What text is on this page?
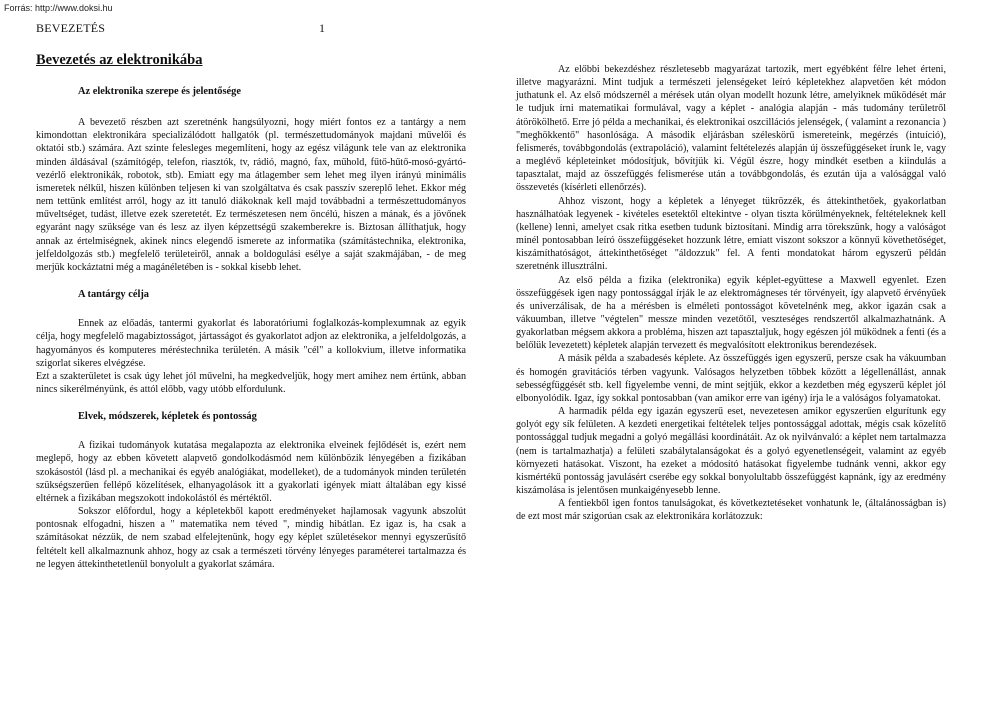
Forrás: http://www.doksi.hu
BEVEZETÉS	1
Bevezetés az elektronikába
Az elektronika szerepe és jelentősége

A bevezető részben azt szeretnénk hangsúlyozni, hogy miért fontos ez a tantárgy a nem kimondottan elektronikára specializálódott hallgatók (pl. természettudományok majdani művelői és oktatói stb.) számára. Azt szinte felesleges megemlíteni, hogy az egész világunk tele van az elektronika minden áldásával (számítógép, telefon, riasztók, tv, rádió, magnó, fax, műhold, fűtő-hűtő-mosó-gyártó-vezérlő elektronikák, robotok, stb). Emiatt egy ma átlagember sem lehet meg ilyen irányú minimális ismeretek nélkül, hiszen különben teljesen ki van szolgáltatva és csak passzív szereplő lehet. Ekkor még nem tettünk említést arról, hogy az itt tanuló diákoknak kell majd továbbadni a természettudományos műveltséget, tudást, illetve ezek szeretetét. Ez természetesen nem öncélú, hiszen a mának, és a jövőnek egyaránt nagy szüksége van és lesz az ilyen képzettségű szakemberekre is. Biztosan állíthatjuk, hogy annak az értelmiségnek, akinek nincs elegendő ismerete az informatika (számítástechnika, elektronika, jelfeldolgozás stb.) megfelelő területeiről, annak a boldogulási esélye a saját szakmájában, - de meg merjük kockáztatni még a magánéletében is - sokkal kisebb lehet.

A tantárgy célja

Ennek az előadás, tantermi gyakorlat és laboratóriumi foglalkozás-komplexumnak az egyik célja, hogy megfelelő magabiztosságot, jártasságot és gyakorlatot adjon az elektronika, a jelfeldolgozás, a hagyományos és komputeres méréstechnika területén. A másik "cél" a kollokvium, illetve informatika szigorlat sikeres elvégzése.

Ezt a szakterületet is csak úgy lehet jól művelni, ha megkedveljük, hogy mert amihez nem értünk, abban nincs sikerélményünk, és attól előbb, vagy utóbb elfordulunk.

Elvek, módszerek, képletek és pontosság

A fizikai tudományok kutatása megalapozta az elektronika elveinek fejlődését is, ezért nem meglepő, hogy az ebben követett alapvető gondolkodásmód nem különbözik lényegében a fizikában szokásostól (lásd pl. a mechanikai és egyéb analógiákat, modelleket), de a tudományok minden területén szükségszerűen fellépő közelítések, elhanyagolások itt a gyakorlati igények miatt általában egy kissé eltérnek a fizikában megszokott indokolástól és mértéktől.

Sokszor előfordul, hogy a képletekből kapott eredményeket hajlamosak vagyunk abszolút pontosnak elfogadni, hiszen a " matematika nem téved ", mindig hibátlan. Ez igaz is, ha csak a számításokat nézzük, de nem szabad elfelejtenünk, hogy egy képlet születésekor mennyi egyszerűsítő feltételt kell alkalmaznunk ahhoz, hogy az csak a természeti törvény lényeges paraméterei tartalmazza és ne legyen áttekinthetetlenül bonyolult a gyakorlat számára.

Az előbbi bekezdéshez részletesebb magyarázat tartozik, mert egyébként félre lehet érteni, illetve magyarázni. Mint tudjuk a természeti jelenségeket leíró képletekhez alapvetően két módon juthatunk el. Az első módszernél a mérések után olyan modellt hozunk létre, amelyiknek működését már le tudjuk írni matematikai formulával, vagy a képlet - analógia alapján - más tudomány területről átörökölhető. Erre jó példa a mechanikai, és elektronikai oszcillációs jelenségek, ( valamint a rezonancia ) "meghökkentő" hasonlósága. A második eljárásban széleskörű ismereteink, megérzés (intuíció), felismerés, továbbgondolás (extrapoláció), valamint feltételezés alapján új összefüggéseket írunk le, vagy a meglévő képleteinket módosítjuk, bővítjük ki. Végül észre, hogy mindkét esetben a kiindulás a tapasztalat, majd az összefüggés felismerése után a továbbgondolás, és ezután úja a valósággal való összevetés (kísérleti ellenőrzés).

Ahhoz viszont, hogy a képletek a lényeget tükrözzék, és áttekinthetőek, gyakorlatban használhatóak legyenek - kivételes esetektől eltekintve - olyan tiszta körülményeknek, feltételeknek kell (kellene) lenni, amelyet csak ritka esetben tudunk biztosítani. Mindig arra törekszünk, hogy a valóságot minél pontosabban leíró összefüggéseket hozzunk létre, emiatt viszont sokszor a könnyű követhetőséget, kiszámíthatóságot, áttekinthetőséget "áldozzuk" fel. A fenti mondatokat három egyszerű példán szeretnénk illusztrálni.

Az első példa a fizika (elektronika) egyik képlet-együttese a Maxwell egyenlet. Ezen összefüggések igen nagy pontossággal írják le az elektromágneses tér törvényeit, így alapvető érvényűek és univerzálisak, de ha a mérésben is elméleti pontosságot követelnénk meg, akkor igazán csak a vákuumban, illetve "végtelen" messze minden vezetőtől, veszteséges rendszertől alkalmazhatnánk. A gyakorlatban mégsem akkora a probléma, hiszen azt tapasztaljuk, hogy egészen jól működnek a fenti (és a belőlük levezetett) képletek alapján tervezett és megvalósított elektronikus berendezések.

A másik példa a szabadesés képlete. Az összefüggés igen egyszerű, persze csak ha vákuumban és homogén gravitációs térben vagyunk. Valósagos helyzetben többek között a légellenállást, annak sebességfüggését stb. kell figyelembe venni, de mint sejtjük, ekkor a kezdetben még egyszerű képlet jól elbonyolódik. Igaz, így sokkal pontosabban (van amikor erre van igény) írja le a valóságos folyamatokat.

A harmadik példa egy igazán egyszerű eset, nevezetesen amikor egyszerűen elgurítunk egy golyót egy sík felületen. A kezdeti energetikai feltételek teljes pontossággal adottak, mégis csak közelítő pontossággal tudjuk megadni a golyó megállási koordinátáit. Az ok nyilvánvaló: a képlet nem tartalmazza (nem is tartalmazhatja) a felületi szabálytalanságokat és a golyó egyenetlenségeit, valamint az egyéb környezeti hatásokat. Viszont, ha ezeket a módosító hatásokat figyelembe tudnánk venni, akkor egy kismértékű pontosság javulásért cserébe egy sokkal bonyolultabb összefüggést kapnánk, így az eredmény kiszámolása is jelentősen munkaigényesebb lenne.

A fentiekből igen fontos tanulságokat, és következtetéseket vonhatunk le, (általánosságban is) de ezt most már szigorúan csak az elektronikára korlátozzuk:
